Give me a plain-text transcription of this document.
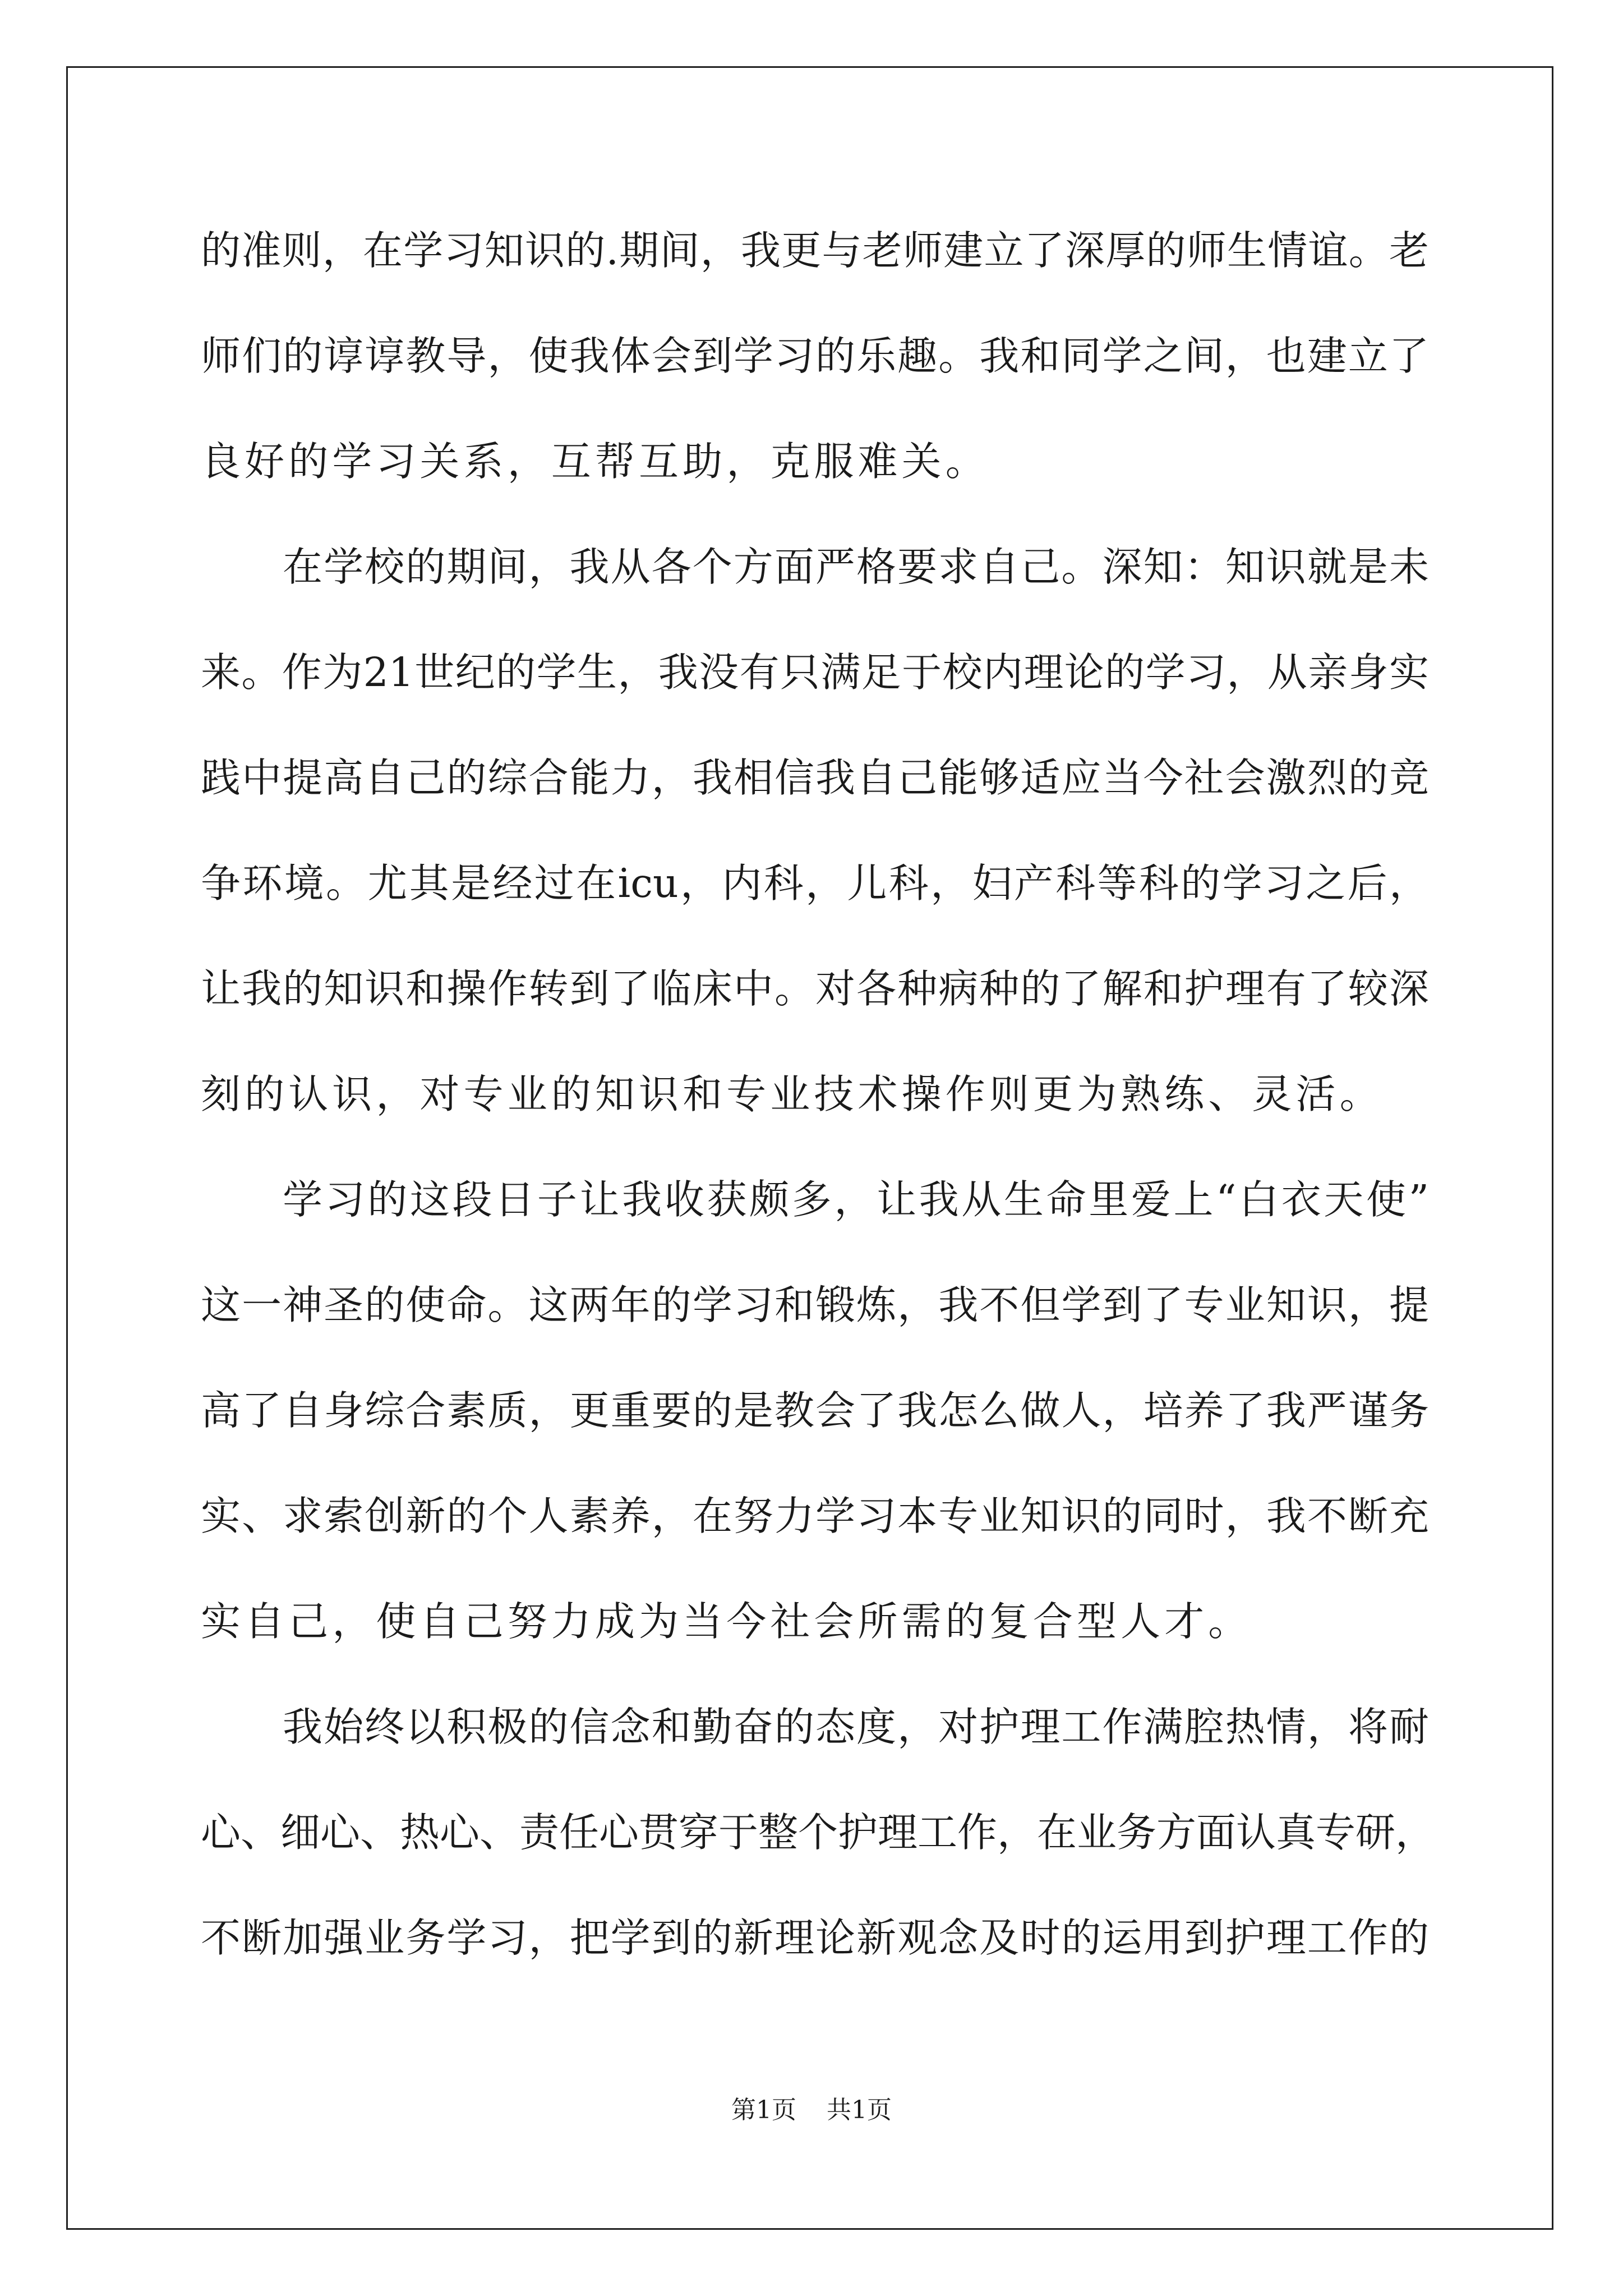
的准则，在学习知识的.期间，我更与老师建立了深厚的师生情谊。老
师们的谆谆教导，使我体会到学习的乐趣。我和同学之间，也建立了
良好的学习关系，互帮互助，克服难关。
在学校的期间，我从各个方面严格要求自己。深知：知识就是未
来。作为21世纪的学生，我没有只满足于校内理论的学习，从亲身实
践中提高自己的综合能力，我相信我自己能够适应当今社会激烈的竞
争环境。尤其是经过在icu，内科，儿科，妇产科等科的学习之后，
让我的知识和操作转到了临床中。对各种病种的了解和护理有了较深
刻的认识，对专业的知识和专业技术操作则更为熟练、灵活。
学习的这段日子让我收获颇多，让我从生命里爱上“白衣天使”
这一神圣的使命。这两年的学习和锻炼，我不但学到了专业知识，提
高了自身综合素质，更重要的是教会了我怎么做人，培养了我严谨务
实、求索创新的个人素养，在努力学习本专业知识的同时，我不断充
实自己，使自己努力成为当今社会所需的复合型人才。
我始终以积极的信念和勤奋的态度，对护理工作满腔热情，将耐
心、细心、热心、责任心贯穿于整个护理工作，在业务方面认真专研，
不断加强业务学习，把学到的新理论新观念及时的运用到护理工作的
第1页 共1页
